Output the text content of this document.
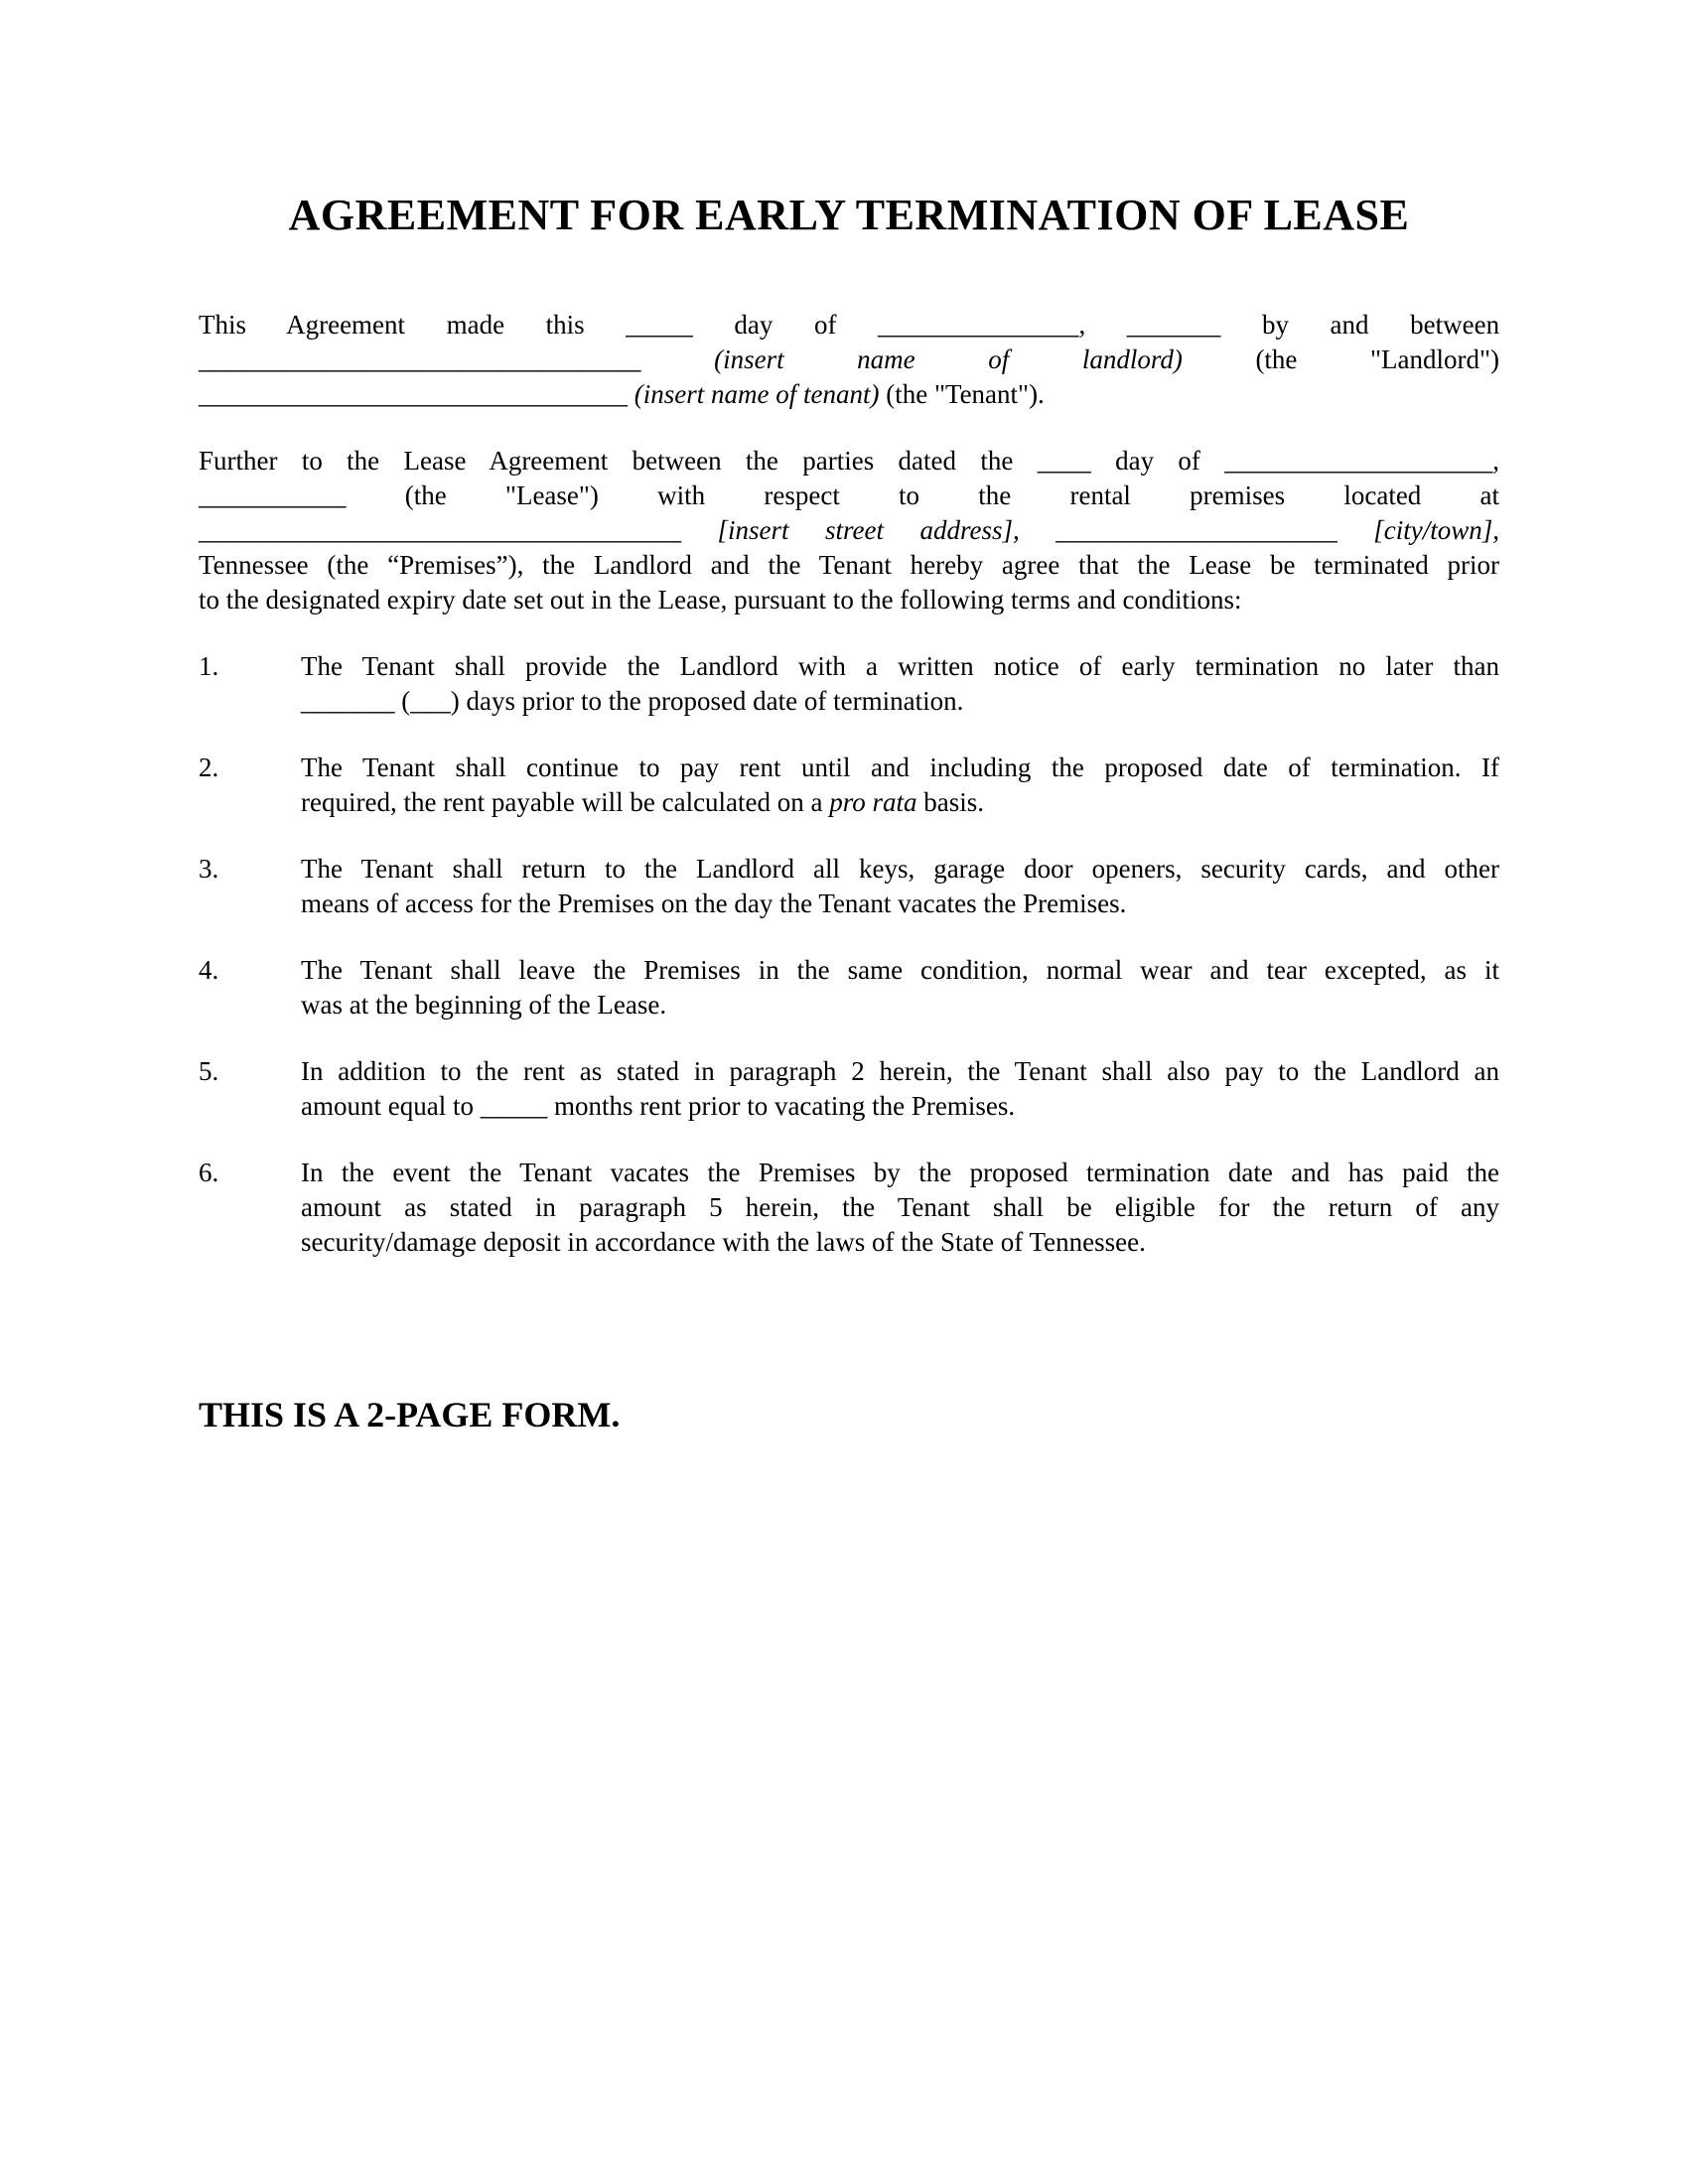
AGREEMENT FOR EARLY TERMINATION OF LEASE
This Agreement made this _____ day of _______________, _______ by and between
_________________________________	(insert name of landlord)	(the "Landlord")
________________________________ (insert name of tenant) (the "Tenant").
Further to the Lease Agreement between the parties dated the ____ day of ____________________,
___________ (the "Lease") with respect to the rental premises located at
____________________________________ [insert street address], _____________________ [city/town],
Tennessee (the “Premises”), the Landlord and the Tenant hereby agree that the Lease be terminated prior
to the designated expiry date set out in the Lease, pursuant to the following terms and conditions:
1.	The Tenant shall provide the Landlord with a written notice of early termination no later than
_______ (___) days prior to the proposed date of termination.
2.	The Tenant shall continue to pay rent until and including the proposed date of termination. If
required, the rent payable will be calculated on a pro rata basis.
3.	The Tenant shall return to the Landlord all keys, garage door openers, security cards, and other
means of access for the Premises on the day the Tenant vacates the Premises.
4.	The Tenant shall leave the Premises in the same condition, normal wear and tear excepted, as it
was at the beginning of the Lease.
5.	In addition to the rent as stated in paragraph 2 herein, the Tenant shall also pay to the Landlord an
amount equal to _____ months rent prior to vacating the Premises.
6.	In the event the Tenant vacates the Premises by the proposed termination date and has paid the
amount as stated in paragraph 5 herein, the Tenant shall be eligible for the return of any
security/damage deposit in accordance with the laws of the State of Tennessee.
THIS IS A 2-PAGE FORM.
